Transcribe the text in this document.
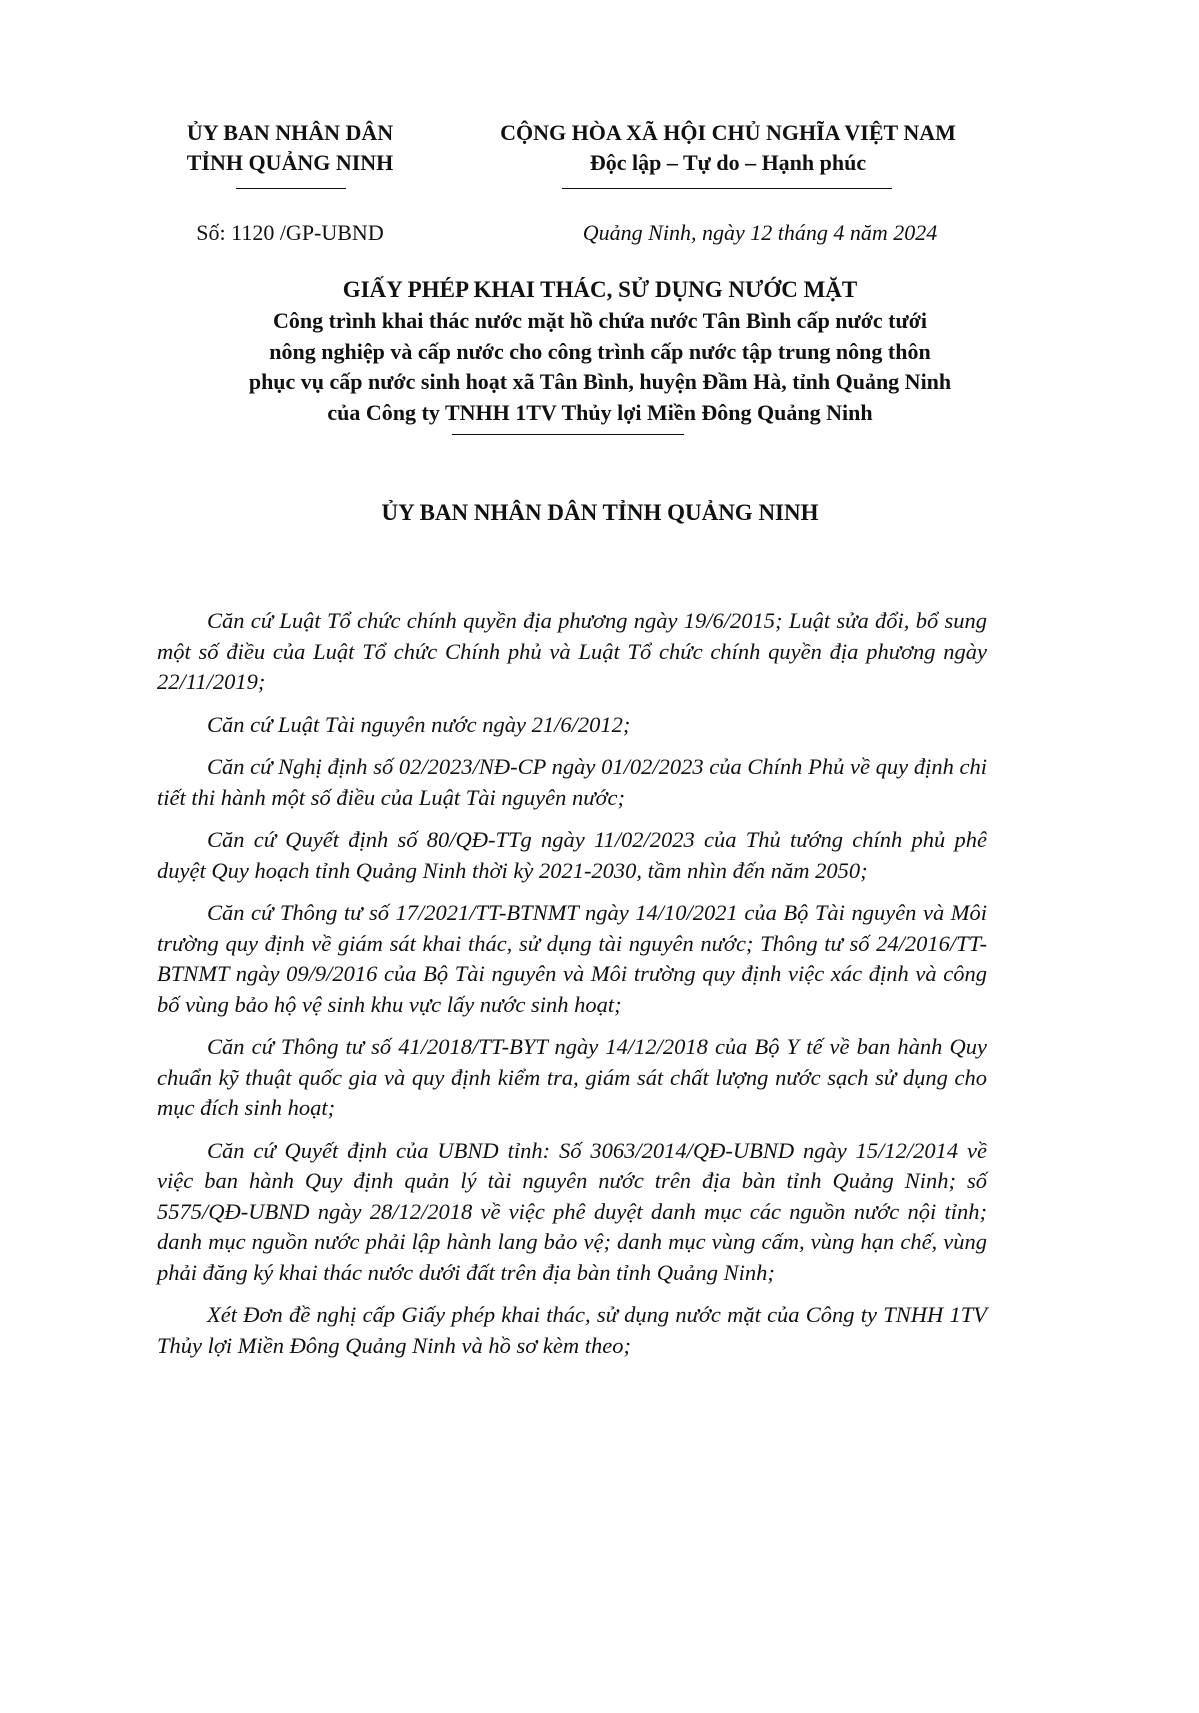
ỦY BAN NHÂN DÂN
TỈNH QUẢNG NINH
CỘNG HÒA XÃ HỘI CHỦ NGHĨA VIỆT NAM
Độc lập – Tự do – Hạnh phúc
Số: 1120 /GP-UBND	Quảng Ninh, ngày 12 tháng 4 năm 2024
GIẤY PHÉP KHAI THÁC, SỬ DỤNG NƯỚC MẶT
Công trình khai thác nước mặt hồ chứa nước Tân Bình cấp nước tưới
nông nghiệp và cấp nước cho công trình cấp nước tập trung nông thôn
phục vụ cấp nước sinh hoạt xã Tân Bình, huyện Đầm Hà, tỉnh Quảng Ninh
của Công ty TNHH 1TV Thủy lợi Miền Đông Quảng Ninh
ỦY BAN NHÂN DÂN TỈNH QUẢNG NINH

Căn cứ Luật Tổ chức chính quyền địa phương ngày 19/6/2015; Luật sửa đổi, bổ sung một số điều của Luật Tổ chức Chính phủ và Luật Tổ chức chính quyền địa phương ngày 22/11/2019;

Căn cứ Luật Tài nguyên nước ngày 21/6/2012;

Căn cứ Nghị định số 02/2023/NĐ-CP ngày 01/02/2023 của Chính Phủ về quy định chi tiết thi hành một số điều của Luật Tài nguyên nước;

Căn cứ Quyết định số 80/QĐ-TTg ngày 11/02/2023 của Thủ tướng chính phủ phê duyệt Quy hoạch tỉnh Quảng Ninh thời kỳ 2021-2030, tầm nhìn đến năm 2050;

Căn cứ Thông tư số 17/2021/TT-BTNMT ngày 14/10/2021 của Bộ Tài nguyên và Môi trường quy định về giám sát khai thác, sử dụng tài nguyên nước; Thông tư số 24/2016/TT- BTNMT ngày 09/9/2016 của Bộ Tài nguyên và Môi trường quy định việc xác định và công bố vùng bảo hộ vệ sinh khu vực lấy nước sinh hoạt;

Căn cứ Thông tư số 41/2018/TT-BYT ngày 14/12/2018 của Bộ Y tế về ban hành Quy chuẩn kỹ thuật quốc gia và quy định kiểm tra, giám sát chất lượng nước sạch sử dụng cho mục đích sinh hoạt;

Căn cứ Quyết định của UBND tỉnh: Số 3063/2014/QĐ-UBND ngày 15/12/2014 về việc ban hành Quy định quản lý tài nguyên nước trên địa bàn tỉnh Quảng Ninh; số 5575/QĐ-UBND ngày 28/12/2018 về việc phê duyệt danh mục các nguồn nước nội tỉnh; danh mục nguồn nước phải lập hành lang bảo vệ; danh mục vùng cấm, vùng hạn chế, vùng phải đăng ký khai thác nước dưới đất trên địa bàn tỉnh Quảng Ninh;

Xét Đơn đề nghị cấp Giấy phép khai thác, sử dụng nước mặt của Công ty TNHH 1TV Thủy lợi Miền Đông Quảng Ninh và hồ sơ kèm theo;
